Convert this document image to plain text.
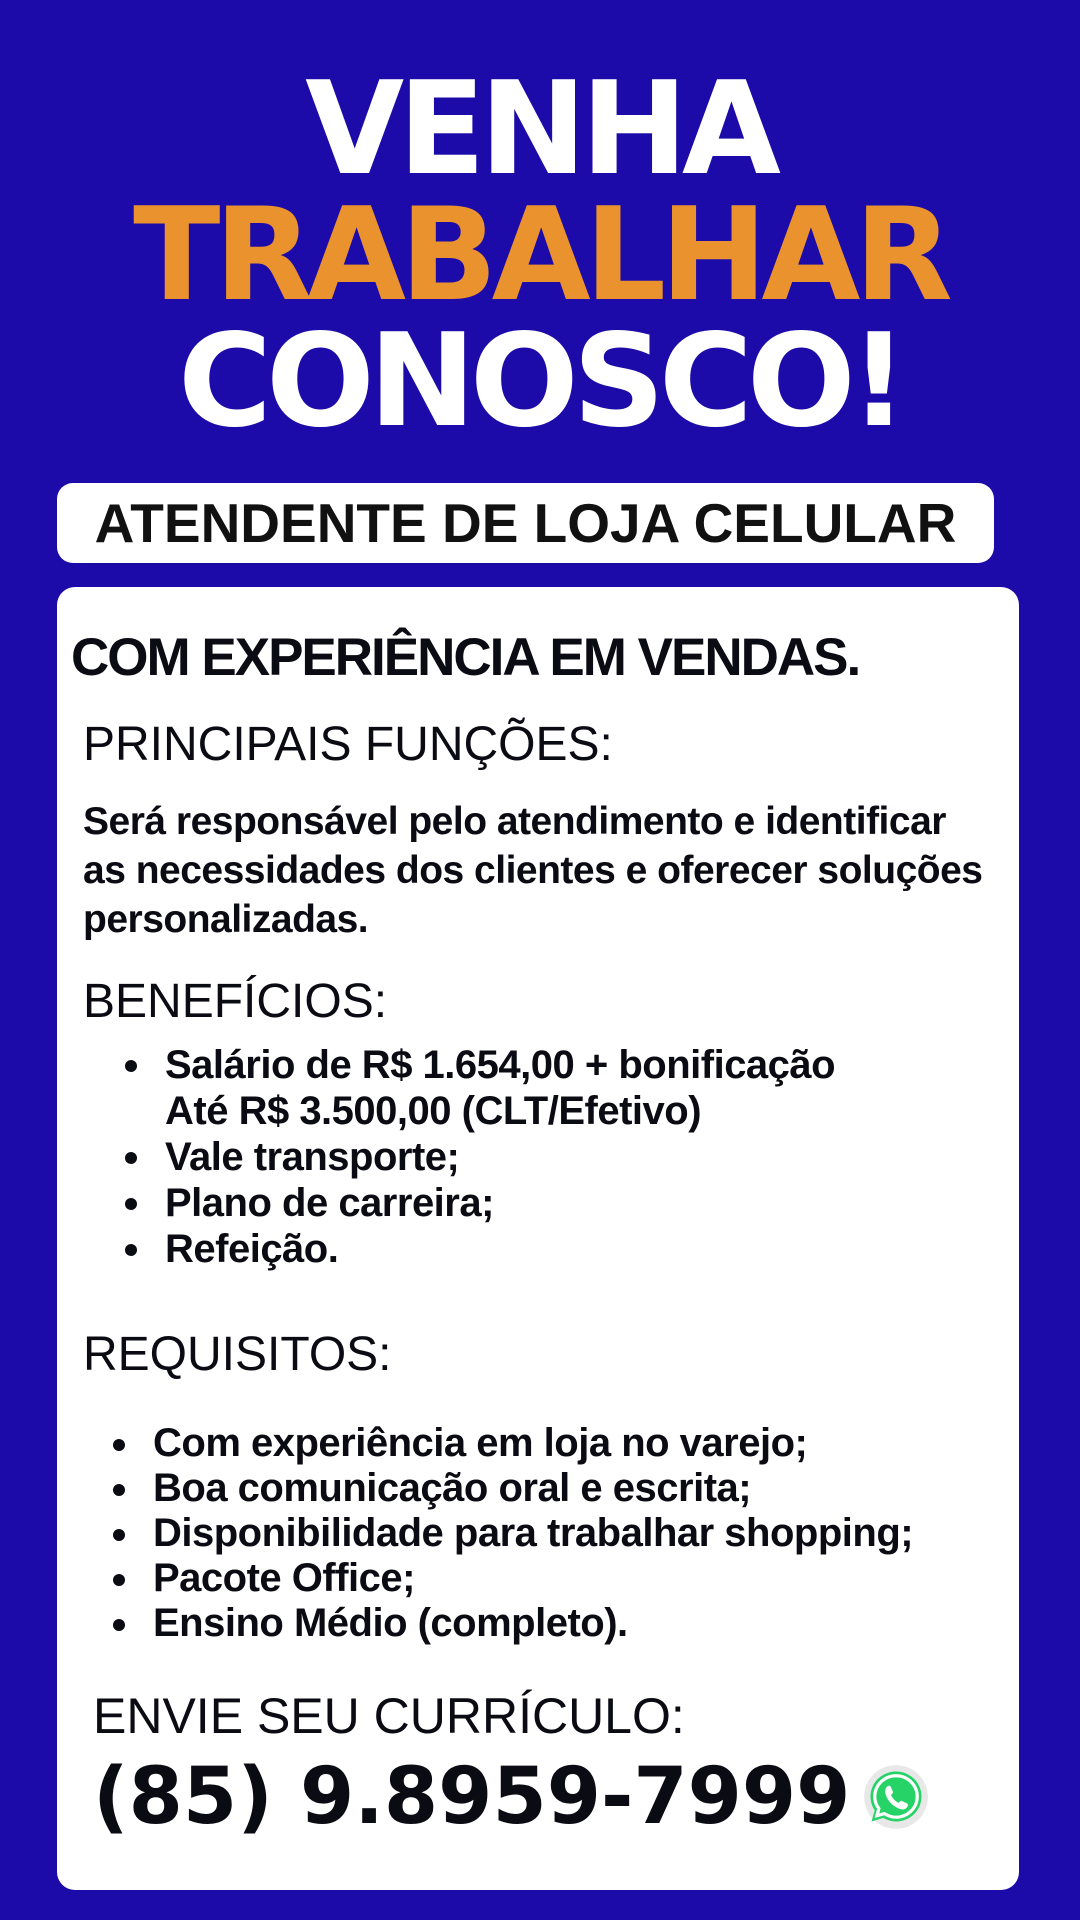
VENHA
TRABALHAR
CONOSCO!
ATENDENTE DE LOJA CELULAR
COM EXPERIÊNCIA EM VENDAS.
PRINCIPAIS FUNÇÕES:
Será responsável pelo atendimento e identificar as necessidades dos clientes e oferecer soluções personalizadas.
BENEFÍCIOS:
Salário de R$ 1.654,00 + bonificação
Até R$ 3.500,00 (CLT/Efetivo)
Vale transporte;
Plano de carreira;
Refeição.
REQUISITOS:
Com experiência em loja no varejo;
Boa comunicação oral e escrita;
Disponibilidade para trabalhar shopping;
Pacote Office;
Ensino Médio (completo).
ENVIE SEU CURRÍCULO:
(85) 9.8959-7999
